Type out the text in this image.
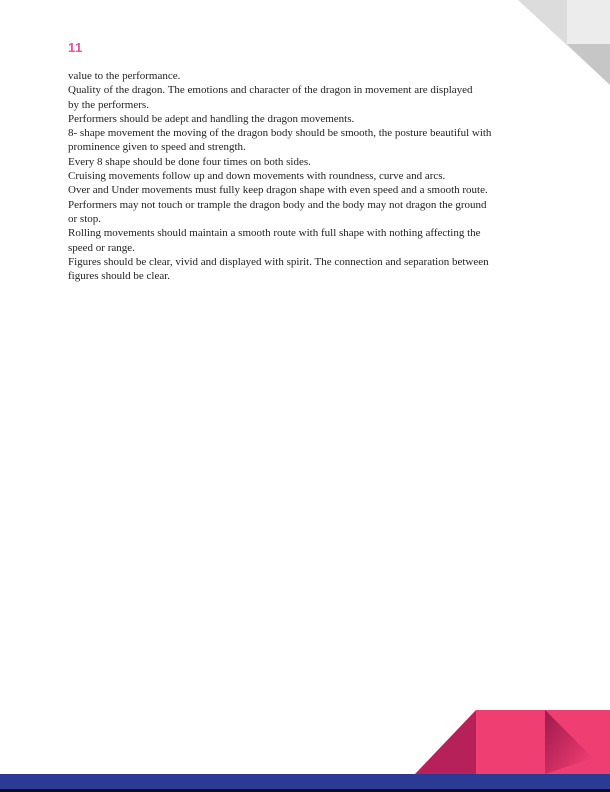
11
value to the performance.
Quality of the dragon. The emotions and character of the dragon in movement are displayed
by the performers.
Performers should be adept and handling the dragon movements.
8- shape movement the moving of the dragon body should be smooth, the posture beautiful with
prominence given to speed and strength.
Every 8 shape should be done four times on both sides.
Cruising movements follow up and down movements with roundness, curve and arcs.
Over and Under movements must fully keep dragon shape with even speed and a smooth route.
Performers may not touch or trample the dragon body and the body may not dragon the ground
or stop.
Rolling movements should maintain a smooth route with full shape with nothing affecting the
speed or range.
Figures should be clear, vivid and displayed with spirit. The connection and separation between
figures should be clear.
